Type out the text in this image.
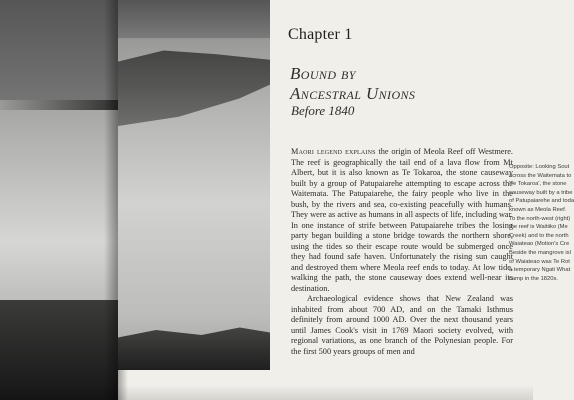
Chapter 1
Bound by
Ancestral Unions
Before 1840

Maori legend explains the origin of Meola Reef off Westmere. The reef is geographically the tail end of a lava flow from Mt Albert, but it is also known as Te Tokaroa, the stone causeway built by a group of Patupaiarehe attempting to escape across the Waitemata. The Patupaiarehe, the fairy people who live in the bush, by the rivers and sea, co-existing peacefully with humans. They were as active as humans in all aspects of life, including war. In one instance of strife between Patupaiarehe tribes the losing party began building a stone bridge towards the northern shore, using the tides so their escape route would be submerged once they had found safe haven. Unfortunately the rising sun caught and destroyed them where Meola reef ends to today. At low tide, walking the path, the stone causeway does extend well-near its destination.

Archaeological evidence shows that New Zealand was inhabited from about 700 AD, and on the Tamaki Isthmus definitely from around 1000 AD. Over the next thousand years until James Cook's visit in 1769 Maori society evolved, with regional variations, as one branch of the Polynesian people. For the first 500 years groups of men and

Opposite: Looking Sout
across the Waitemata to
'Te Tokaroa', the stone
causeway built by a tribe
of Patupaiarehe and toda
known as Meola Reef.
To the north-west (right)
the reef is Waitiiko (Me
Creek) and to the north
Waiateao (Motion's Cre
Beside the mangrove isl
of Waiateao was Te Rot
a temporary Ngati What
camp in the 1820s.
